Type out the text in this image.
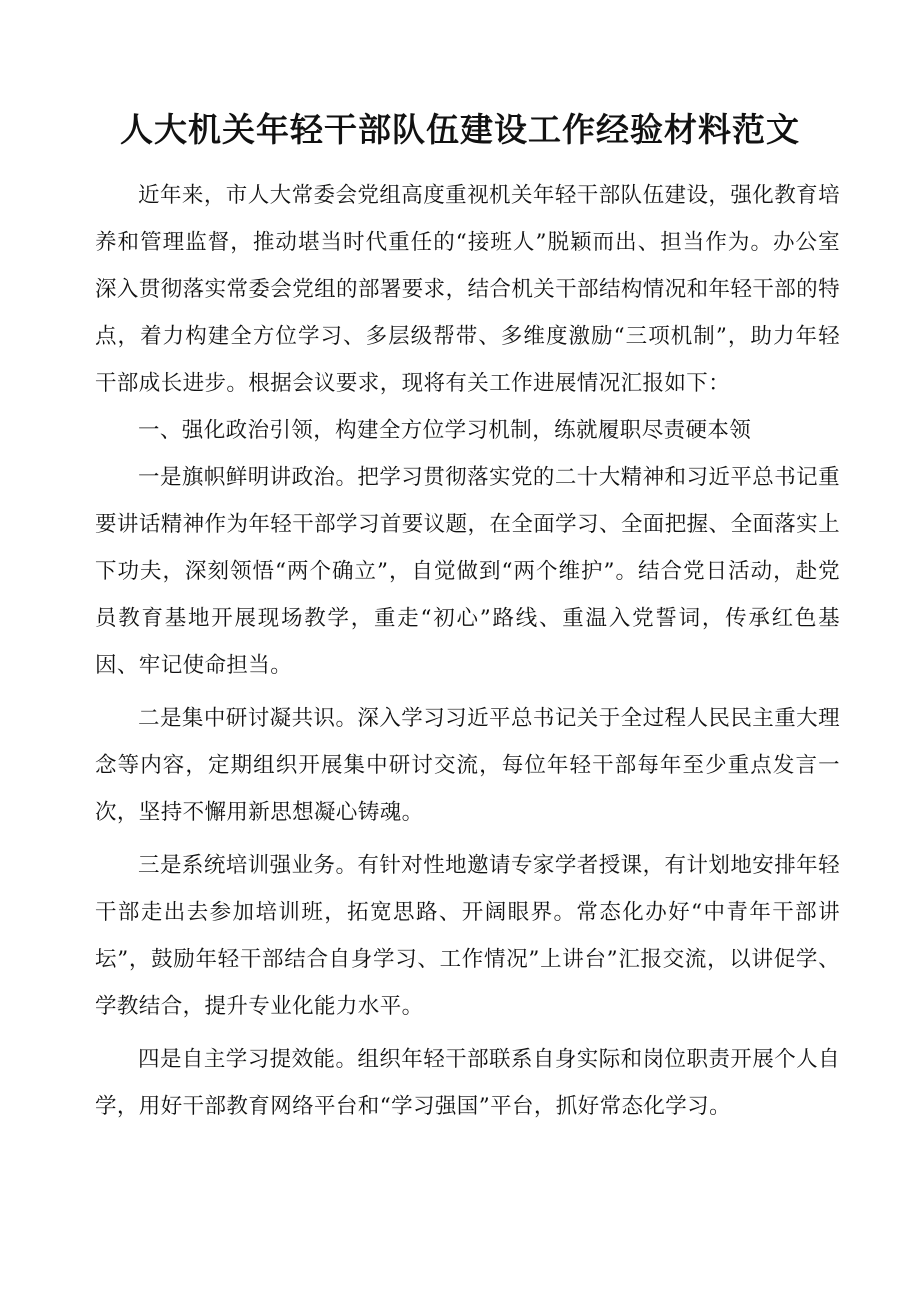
人大机关年轻干部队伍建设工作经验材料范文

近年来，市人大常委会党组高度重视机关年轻干部队伍建设，强化教育培养和管理监督，推动堪当时代重任的“接班人”脱颖而出、担当作为。办公室深入贯彻落实常委会党组的部署要求，结合机关干部结构情况和年轻干部的特点，着力构建全方位学习、多层级帮带、多维度激励“三项机制”，助力年轻干部成长进步。根据会议要求，现将有关工作进展情况汇报如下：

一、强化政治引领，构建全方位学习机制，练就履职尽责硬本领

一是旗帜鲜明讲政治。把学习贯彻落实党的二十大精神和习近平总书记重要讲话精神作为年轻干部学习首要议题，在全面学习、全面把握、全面落实上下功夫，深刻领悟“两个确立”，自觉做到“两个维护”。结合党日活动，赴党员教育基地开展现场教学，重走“初心”路线、重温入党誓词，传承红色基因、牢记使命担当。

二是集中研讨凝共识。深入学习习近平总书记关于全过程人民民主重大理念等内容，定期组织开展集中研讨交流，每位年轻干部每年至少重点发言一次，坚持不懈用新思想凝心铸魂。

三是系统培训强业务。有针对性地邀请专家学者授课，有计划地安排年轻干部走出去参加培训班，拓宽思路、开阔眼界。常态化办好“中青年干部讲坛”，鼓励年轻干部结合自身学习、工作情况”上讲台”汇报交流，以讲促学、学教结合，提升专业化能力水平。

四是自主学习提效能。组织年轻干部联系自身实际和岗位职责开展个人自学，用好干部教育网络平台和“学习强国”平台，抓好常态化学习。
